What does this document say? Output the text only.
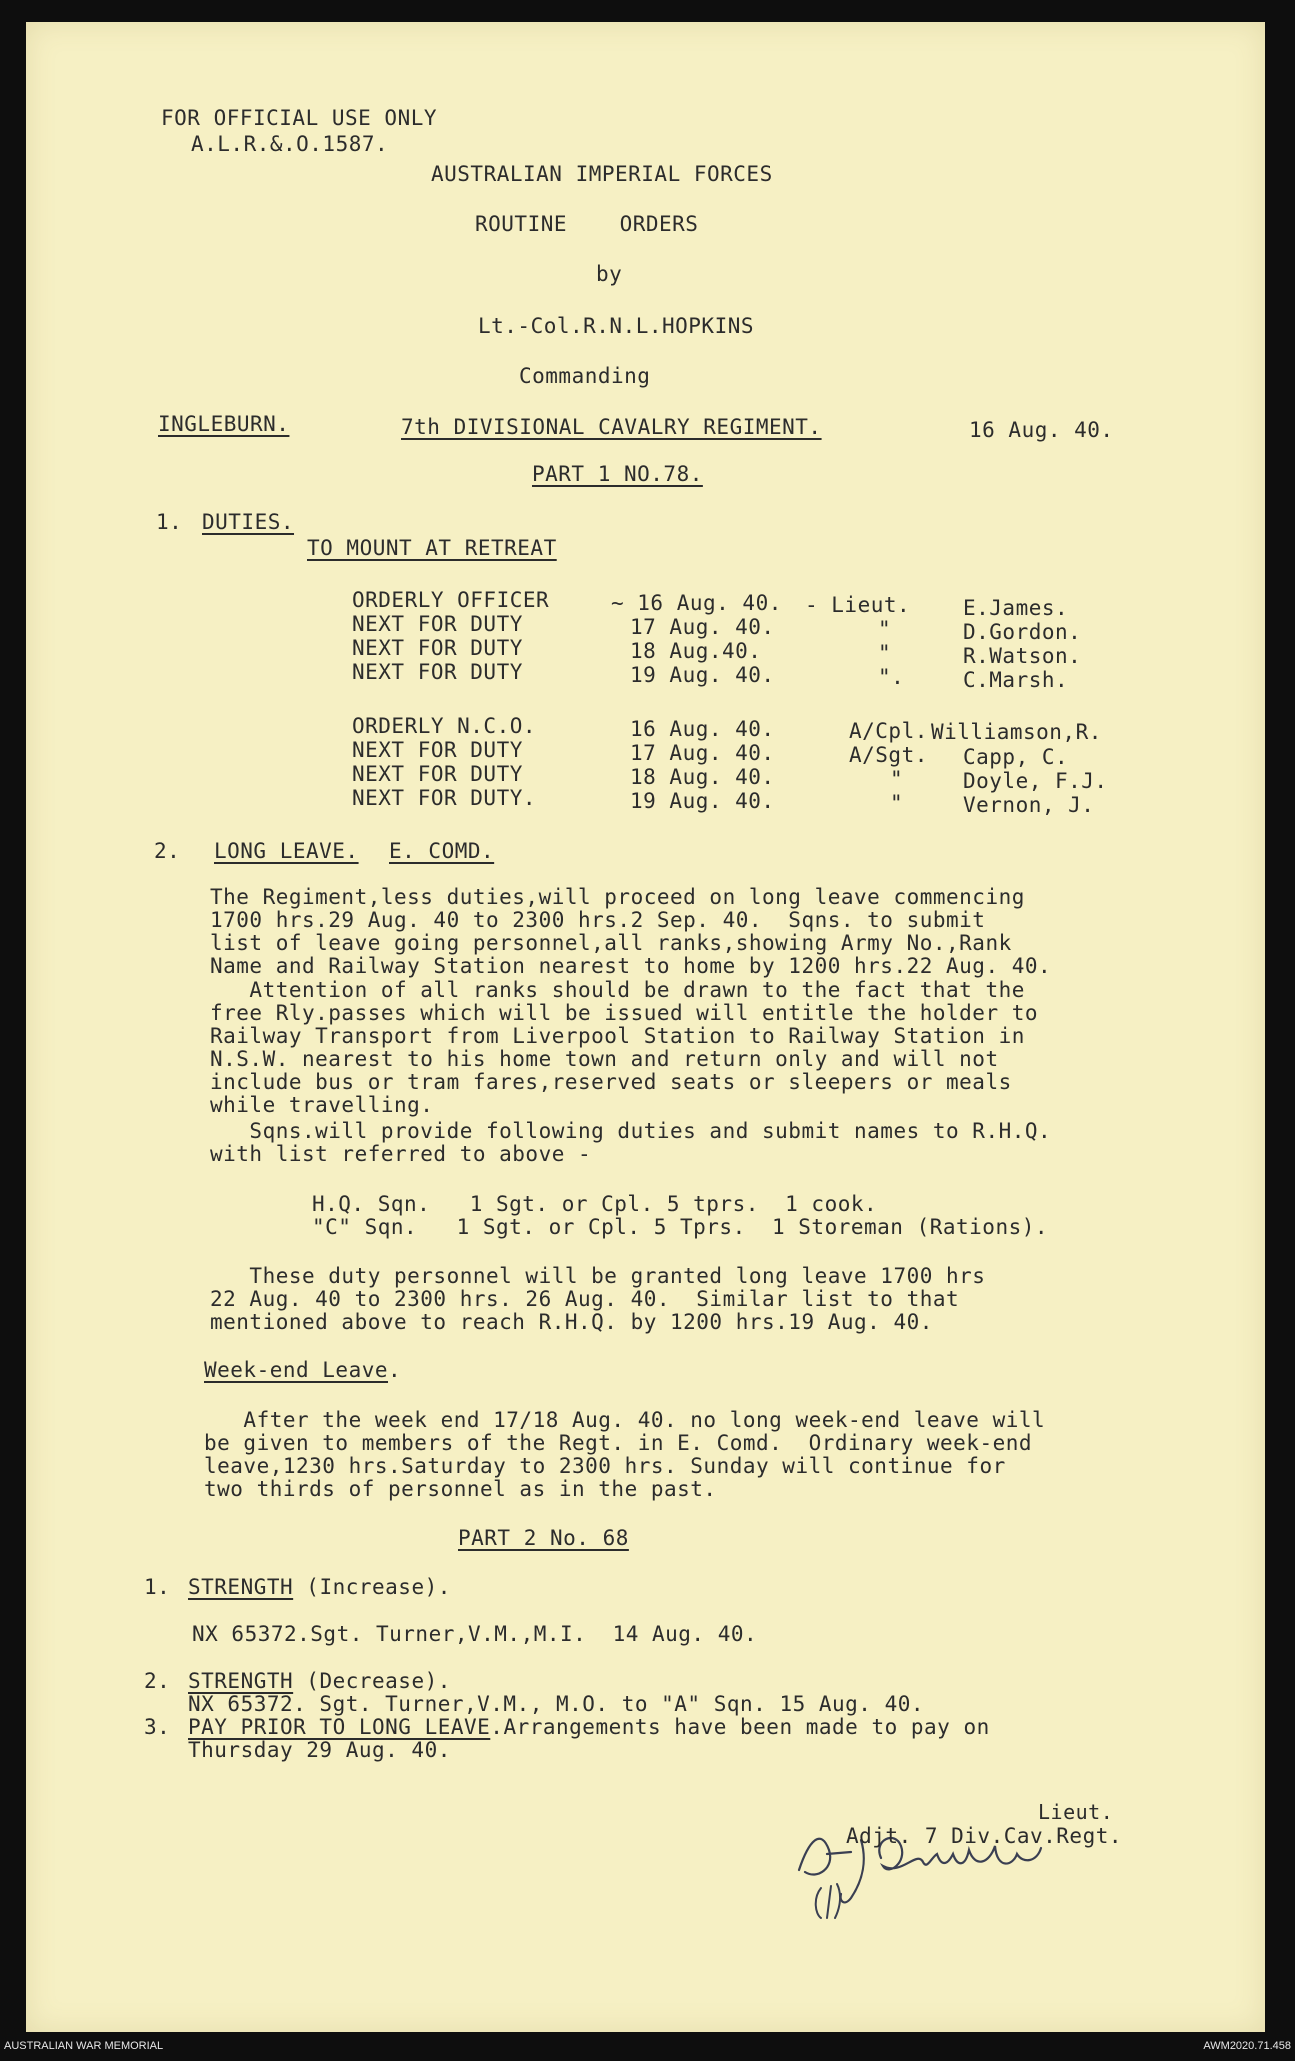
FOR OFFICIAL USE ONLY
A.L.R.&.O.1587.
AUSTRALIAN IMPERIAL FORCES
ROUTINE    ORDERS
by
Lt.-Col.R.N.L.HOPKINS
Commanding
INGLEBURN.	7th DIVISIONAL CAVALRY REGIMENT.	16 Aug. 40.
PART 1 NO.78.
1. DUTIES.
TO MOUNT AT RETREAT
ORDERLY OFFICER	~ 16 Aug. 40. - Lieut.	E.James.
NEXT FOR DUTY	17 Aug. 40.	"	D.Gordon.
NEXT FOR DUTY	18 Aug.40.	"	R.Watson.
NEXT FOR DUTY	19 Aug. 40.	".	C.Marsh.
ORDERLY N.C.O.	16 Aug. 40.	A/Cpl. Williamson,R.
NEXT FOR DUTY	17 Aug. 40.	A/Sgt. Capp, C.
NEXT FOR DUTY	18 Aug. 40.	"	Doyle, F.J.
NEXT FOR DUTY.	19 Aug. 40.	"	Vernon, J.
2. LONG LEAVE. E. COMD.
The Regiment,less duties,will proceed on long leave commencing
1700 hrs.29 Aug. 40 to 2300 hrs.2 Sep. 40.  Sqns. to submit
list of leave going personnel,all ranks,showing Army No.,Rank
Name and Railway Station nearest to home by 1200 hrs.22 Aug. 40.
Attention of all ranks should be drawn to the fact that the
free Rly.passes which will be issued will entitle the holder to
Railway Transport from Liverpool Station to Railway Station in
N.S.W. nearest to his home town and return only and will not
include bus or tram fares,reserved seats or sleepers or meals
while travelling.
Sqns.will provide following duties and submit names to R.H.Q.
with list referred to above -
H.Q. Sqn.   1 Sgt. or Cpl. 5 tprs.  1 cook.
"C" Sqn.   1 Sgt. or Cpl. 5 Tprs.  1 Storeman (Rations).
These duty personnel will be granted long leave 1700 hrs
22 Aug. 40 to 2300 hrs. 26 Aug. 40.  Similar list to that
mentioned above to reach R.H.Q. by 1200 hrs.19 Aug. 40.
Week-end Leave.
After the week end 17/18 Aug. 40. no long week-end leave will
be given to members of the Regt. in E. Comd.  Ordinary week-end
leave,1230 hrs.Saturday to 2300 hrs. Sunday will continue for
two thirds of personnel as in the past.
PART 2 No. 68
1. STRENGTH (Increase).
NX 65372.Sgt. Turner,V.M.,M.I.  14 Aug. 40.
2. STRENGTH (Decrease).
NX 65372. Sgt. Turner,V.M., M.O. to "A" Sqn. 15 Aug. 40.
3. PAY PRIOR TO LONG LEAVE.Arrangements have been made to pay on
Thursday 29 Aug. 40.
Lieut.
Adjt. 7 Div.Cav.Regt.
AUSTRALIAN WAR MEMORIAL	AWM2020.71.458
